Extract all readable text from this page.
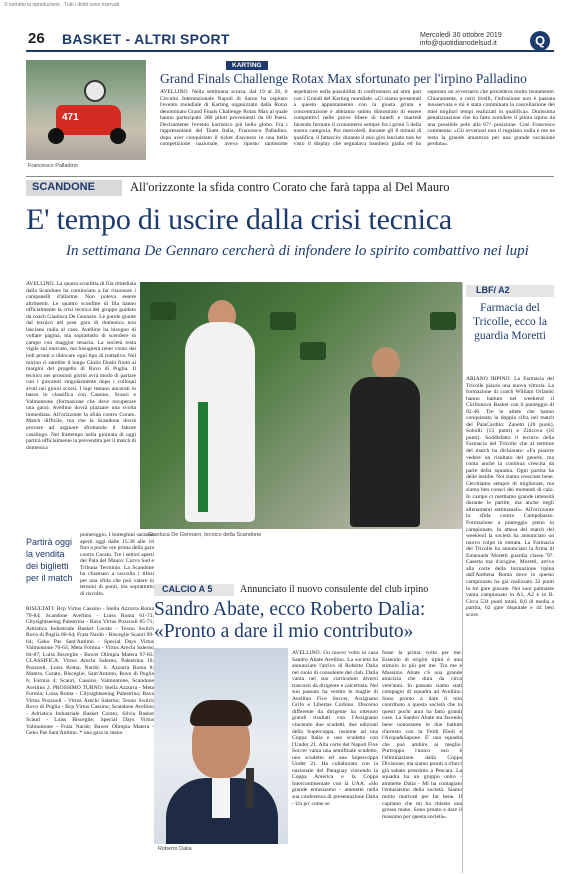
© estratto la riproduzione . Tutti i diritti sono riservati
26 BASKET - ALTRI SPORT	Mercoledì 30 ottobre 2019
info@quotidianodelsud.it	Q
471
Francesco Palladino
KARTING
Grand Finals Challenge Rotax Max sfortunato per l'irpino Palladino
AVELLINO. Nella settimana scorsa, dal 19 al 26, il Circuito Internazionale Napoli di Sarno ha ospitato l'evento mondiale di Karting organizzato dalla Rotax denominato Grand Finals Challenge Rotax Max al quale hanno partecipato 380 piloti provenienti da 60 Paesi. Decisamente l'evento kartistico più bello globo. Fra i rappresentanti del Team Italia, Francesco Palladino, dopo aver conquistato il ticket d'accesso in una bella competizione nazionale, aveva riposto tantissime aspettative nella possibilità di confrontarsi ad armi pari con i Grandi del Karting mondiale. «Ci siamo presentati a questo appuntamento con la giusta grinta e concentrazione e abbiamo subito dimostrato di essere competitivi nelle prove libere di lunedì e martedì facendo fermare il cronometro sempre fra i primi 5 della nostra categoria. Poi mercoledì, durante gli 8 minuti di qualifica, il fattaccio: durante il mio giro lanciato non ho visto il display che segnalava bandiera gialla ed ho superato un avversario che procedeva molto lentamente. Chiaramente, a certi livelli, l'infrazione non è passata inosservata e mi è stata comminata la cancellazione dei miei migliori tempi realizzati in qualifica». Durissima penalizzazione che ha fatto scendere il pilota irpino da una possibile pole alla 67^ posizione. Così Francesco commenta: «Gli avversari non ti regalano nulla e me ne resta la grande amarezza per una grande occasione perduta».
SCANDONE	All'orizzonte la sfida contro Corato che farà tappa al Del Mauro
E' tempo di uscire dalla crisi tecnica
In settimana De Gennaro cercherà di infondere lo spirito combattivo nei lupi
AVELLINO. La quarta sconfitta di fila rimediata dalla Scandone ha cominciato a far risuonare i campanelli d'allarme. Non poteva essere altrimenti. Le quattro sconfitte di fila hanno ufficialmente la crisi tecnica del gruppo guidato da coach Gianluca De Gennaro. Le parole giunte dal tecnico nel post gara di domenica non lasciano nulla al caso. Avellino ha bisogno di voltare pagina, ma soprattutto di scendere in campo con maggior tenacia. La società resta vigile sul mercato, ma bisognerà tener conto dei lodi pronti a riblocare ogni tipo di trattativa. Nel mirino ci sarebbe il lungo Giulio Dushi finito ai margini del progetto di Ruvo di Puglia. Il tecnico nei prossimi giorni avrà modo di parlare con i giocatori singolarmente dopo i colloqui avuti nei giorni scorsi. I lupi restano ancorati in basso in classifica con Cassino, Scauri e Valmontone (formazione che deve recuperare una gara). Avellino dovrà piazzare una svolta immediata. All'orizzonte la sfida contro Corato. Match difficile, ma che la Scandone dovrà provare ad arginare sfruttando il fattore casalingo. Nel frattempo nella giornata di oggi partirà ufficialmente la prevendita per il match di domenica
Gianluca De Gennaro, tecnico della Scandone
Partirà oggi la vendita dei biglietti per il match
pomeriggio. I botteghini saranno aperti oggi dalle 15:30 alle 18 fino a poche ore prima della gara contro Corato. Tre i settori aperti del Pala del Mauro: Curva Sud e Tribuna Terminio. La Scandone ha chiamato a raccolta i tifosi per una sfida che può valere in termini di punti, ma soprattutto di risvolto.
RISULTATI: Bcp Virtus Cassino - Stella Azzurra Roma 79-84; Scandone Avellino - Luiss Roma 61-73; Citysightseeing Palestrina - Bava Virtus Pozzuoli 85-71; Adriatica Industriale Basket Corato - Texno Switch Ruvo di Puglia 80-64; Frata Nardò - Bisceglie Scauri 99-64; Geko Pas Sant'Antimo - Special Days Virtus Valmontone 70-63; Meta Formia - Virtus Arechi Salerno 84-87; Luiss Bisceglie - Bawer Olimpia Matera 97-83. CLASSIFICA: Virtus Arechi Salerno, Palestrina 10; Pozzuoli, Luiss Roma, Nardò; S. Azzurra Roma 8; Matera, Corato, Bisceglie, Sant'Antimo, Ruvo di Puglia 6; Formia 4; Scauri, Cassino, Valmontone, Scandone Avellino 2. PROSSIMO TURNO: Stella Azzurra - Meta Formia; Luiss Roma - Citysightseeing Palestrina; Bava Virtus Pozzuoli - Virtus Arechi Salerno; Texno Switch Ruvo di Puglia - Bcp Virtus Cassino; Scandone Avellino - Adriatica Industriale Basket Corato; Silvia Basket Scauri - Luiss Bisceglie; Special Days Virtus Valmontone - Frata Nardò; Bawer Olimpia Matera - Geko Pas Sant'Antimo. * una gara in meno
LBF/ A2
Farmacia del Tricolle, ecco la guardia Moretti
ARIANO IRPINO. La Farmacia del Tricolle piazza una nuova vittoria. La formazione di coach William Orlando hanno battuto nel weekend il Cirillonova Basket con il punteggio di 82-46. Tre le atlete che hanno conquistato la doppia cifra nel match del PalaCardito: Zanetti (20 punti), Sobolli (13 punti) e Zilicova (16 punti). Soddisfatto il tecnico della Farmacia del Tricolle che al termine del match ha dichiarato: «Fa piacere vedere un risultato del genere, ma conta anche la continua crescita da parte della squadra. Ogni partita ha delle insidie. Noi siamo cresciute bene. Cerchiamo sempre di migliorare, ma siamo ben consci dei momenti di calo. In campo ci mettiamo grande intensità durante le partite, ma anche negli allenamenti settimanali». All'orizzonte la sfida contro Campobasso. Formazione a punteggio pieno in campionato. In attesa del match del weekend la società ha annunciato un nuovo colpo in entrata. La Farmacia del Tricolle ha annunciato la firma di Emanuela Moretti guardia classe '97. Caserta ma d'origine, Moretti, arriva alla corte della formazione irpina dall'Anthena Roma dove in questo campionato ha già realizzato 32 punti in tre gare giocate. Nei suoi palmares vanta campionato in A1, A2 e in B. Circa 534 punti totali, 8,6 di media a partita, 62 gare disputate e 44 best score.
CALCIO A 5	Annunciato il nuovo consulente del club irpino
Sandro Abate, ecco Roberto Dalia:
«Pronto a dare il mio contributo»
Roberto Dalia
AVELLINO. Un nuovo volto in casa Sandro Abate Avellino. La società ha annunciato l'arrivo di Roberto Dalia nel ruolo di consulente del club. Dalia vanta nel suo curriculum diversi trascorsi da dirigente e calcettista. Nel suo passato ha vestito le maglie di Avellino Five Soccer, Arzignano Grifo e Libertas Corbino. Discorso differente da dirigente ha ottenuto grandi risultati con l'Arzignano vincendo due scudetti, due edizioni della Supercoppa, insieme ad una Coppa Italia e uno scudetto con l'Under 21. Alla corte del Napoli Five Soccer vanta una semifinale scudetto, uno scudetto ed una Supercoppa Under 21. Ha collaborato con la nazionale del Paraguay vincendo la Coppa America e la Coppa Intercontinentale con la UAA. «Ho grande entusiasmo - ammette nella sua conferenza di presentazione Dalia - Un po' come se
fosse la prima volta per me. Essendo di origini irpini è uno stimolo in più per me. Tra me e Massimo Abate c'è una grande amicizia che dura da circa vent'anni. In passato siamo stati compagni di squadra ad Avellino. Sono pronto a dare il mio contributo a questa società che in questi pochi anni ha fatto grandi cose. La Sandro Abate sta facendo bene nonostante le due battute d'arresto con la Feldi Eboli e l'Acqua&Sapone. E' una squadra che può ambire ai meglio. Purtroppo l'unico neo è l'eliminazione dalla Coppa Divisione, ma siamo pronti a rifarci già sabato prossimo a Pescara. La squadra ha un gruppo unito - ammette Dalia - Mi ha contagiato l'entusiasmo della società. Siamo molto motivati per far bene. Il capitano che mi ha chiesto una grossa mano. Sono pronto a dare il massimo per questa società».
